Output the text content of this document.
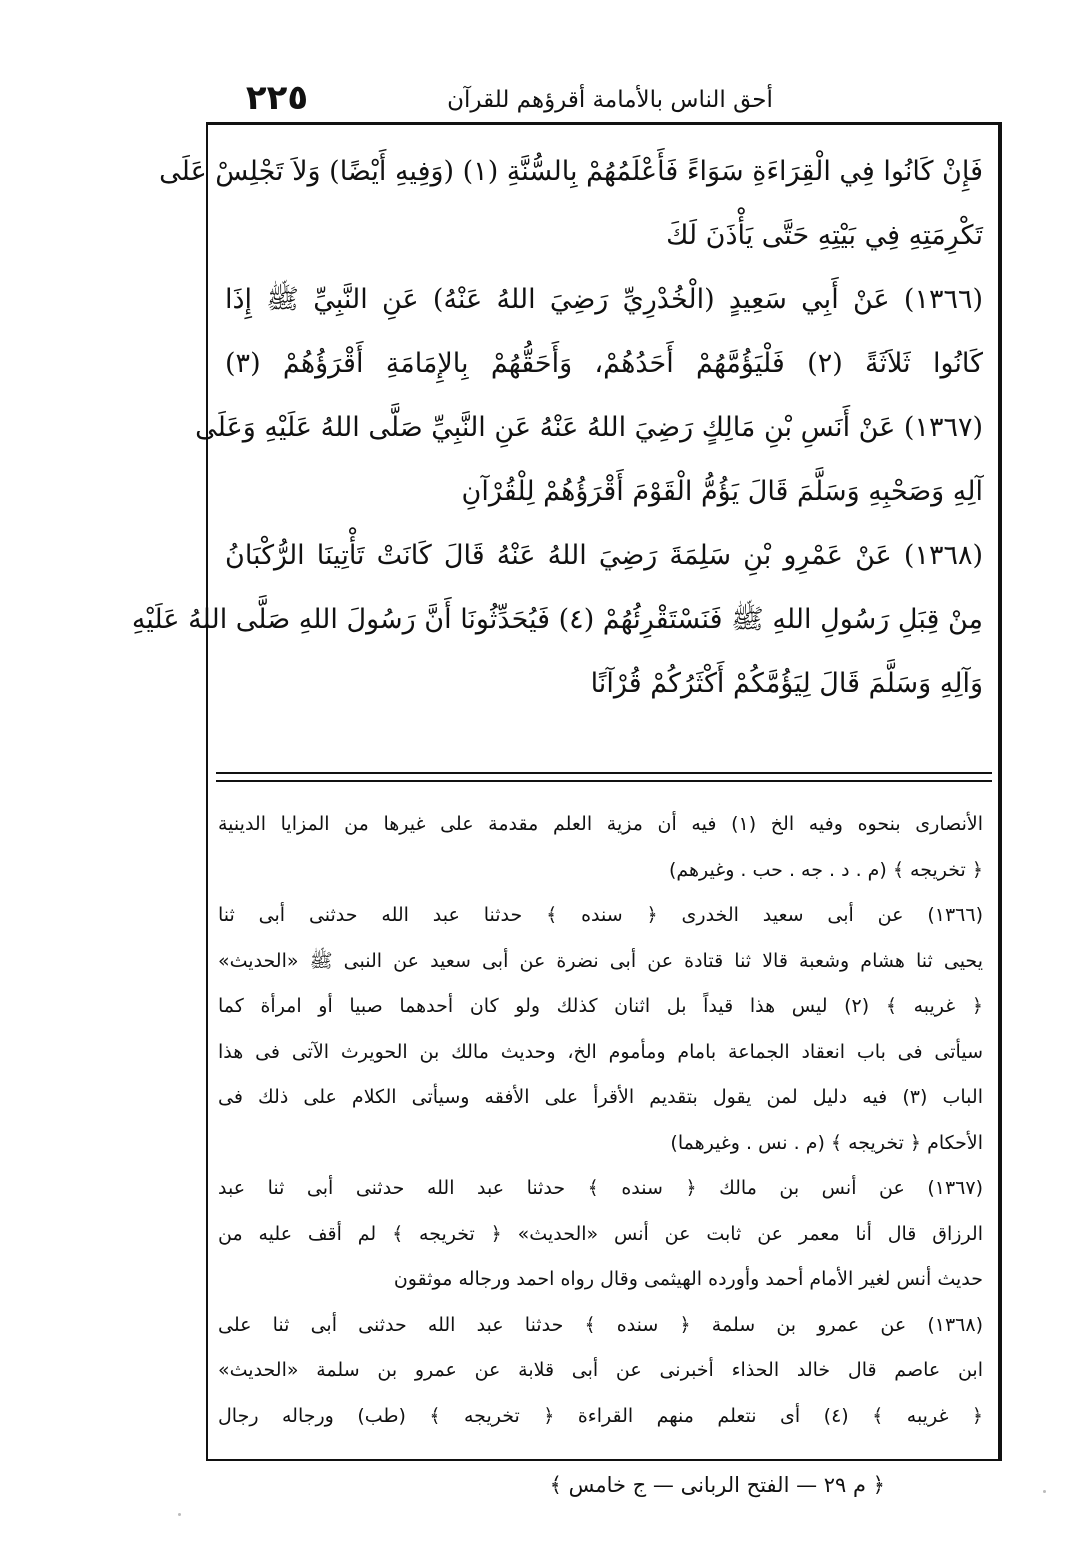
٢٢٥	أحق الناس بالأمامة أقرؤهم للقرآن
فَإِنْ كَانُوا فِي الْقِرَاءَةِ سَوَاءً فَأَعْلَمُهُمْ بِالسُّنَّةِ (١) (وَفِيهِ أَيْضًا) وَلاَ تَجْلِسْ عَلَى
تَكْرِمَتِهِ فِي بَيْتِهِ حَتَّى يَأْذَنَ لَكَ
(١٣٦٦) عَنْ أَبِي سَعِيدٍ (الْخُدْرِيِّ رَضِيَ اللهُ عَنْهُ) عَنِ النَّبِيِّ ﷺ إِذَا
كَانُوا ثَلاَثَةً (٢) فَلْيَؤُمَّهُمْ أَحَدُهُمْ، وَأَحَقُّهُمْ بِالإِمَامَةِ أَقْرَؤُهُمْ (٣)
(١٣٦٧) عَنْ أَنَسِ بْنِ مَالِكٍ رَضِيَ اللهُ عَنْهُ عَنِ النَّبِيِّ صَلَّى اللهُ عَلَيْهِ وَعَلَى
آلِهِ وَصَحْبِهِ وَسَلَّمَ قَالَ يَؤُمُّ الْقَوْمَ أَقْرَؤُهُمْ لِلْقُرْآنِ
(١٣٦٨) عَنْ عَمْرِو بْنِ سَلِمَةَ رَضِيَ اللهُ عَنْهُ قَالَ كَانَتْ تَأْتِينَا الرُّكْبَانُ
مِنْ قِبَلِ رَسُولِ اللهِ ﷺ فَنَسْتَقْرِئُهُمْ (٤) فَيُحَدِّثُونَا أَنَّ رَسُولَ اللهِ صَلَّى اللهُ عَلَيْهِ
وَآلِهِ وَسَلَّمَ قَالَ لِيَؤُمَّكُمْ أَكْثَرُكُمْ قُرْآنًا
الأنصارى بنحوه وفيه الخ (١) فيه أن مزية العلم مقدمة على غيرها من المزايا الدينية
﴿ تخريجه ﴾ (م . د . جه . حب . وغيرهم)
(١٣٦٦) عن أبى سعيد الخدرى ﴿ سنده ﴾ حدثنا عبد الله حدثنى أبى ثنا
يحيى ثنا هشام وشعبة قالا ثنا قتادة عن أبى نضرة عن أبى سعيد عن النبى ﷺ «الحديث»
﴿ غريبه ﴾ (٢) ليس هذا قيداً بل اثنان كذلك ولو كان أحدهما صبيا أو امرأة كما
سيأتى فى باب انعقاد الجماعة بامام ومأموم الخ، وحديث مالك بن الحويرث الآتى فى هذا
الباب (٣) فيه دليل لمن يقول بتقديم الأقرأ على الأفقه وسيأتى الكلام على ذلك فى
الأحكام ﴿ تخريجه ﴾ (م . نس . وغيرهما)
(١٣٦٧) عن أنس بن مالك ﴿ سنده ﴾ حدثنا عبد الله حدثنى أبى ثنا عبد
الرزاق قال أنا معمر عن ثابت عن أنس «الحديث» ﴿ تخريجه ﴾ لم أقف عليه من
حديث أنس لغير الأمام أحمد وأورده الهيثمى وقال رواه احمد ورجاله موثقون
(١٣٦٨) عن عمرو بن سلمة ﴿ سنده ﴾ حدثنا عبد الله حدثنى أبى ثنا على
ابن عاصم قال خالد الحذاء أخبرنى عن أبى قلابة عن عمرو بن سلمة «الحديث»
﴿ غريبه ﴾ (٤) أى نتعلم منهم القراءة ﴿ تخريجه ﴾ (طب) ورجاله رجال
﴿ م ٢٩ — الفتح الربانى — ج خامس ﴾
